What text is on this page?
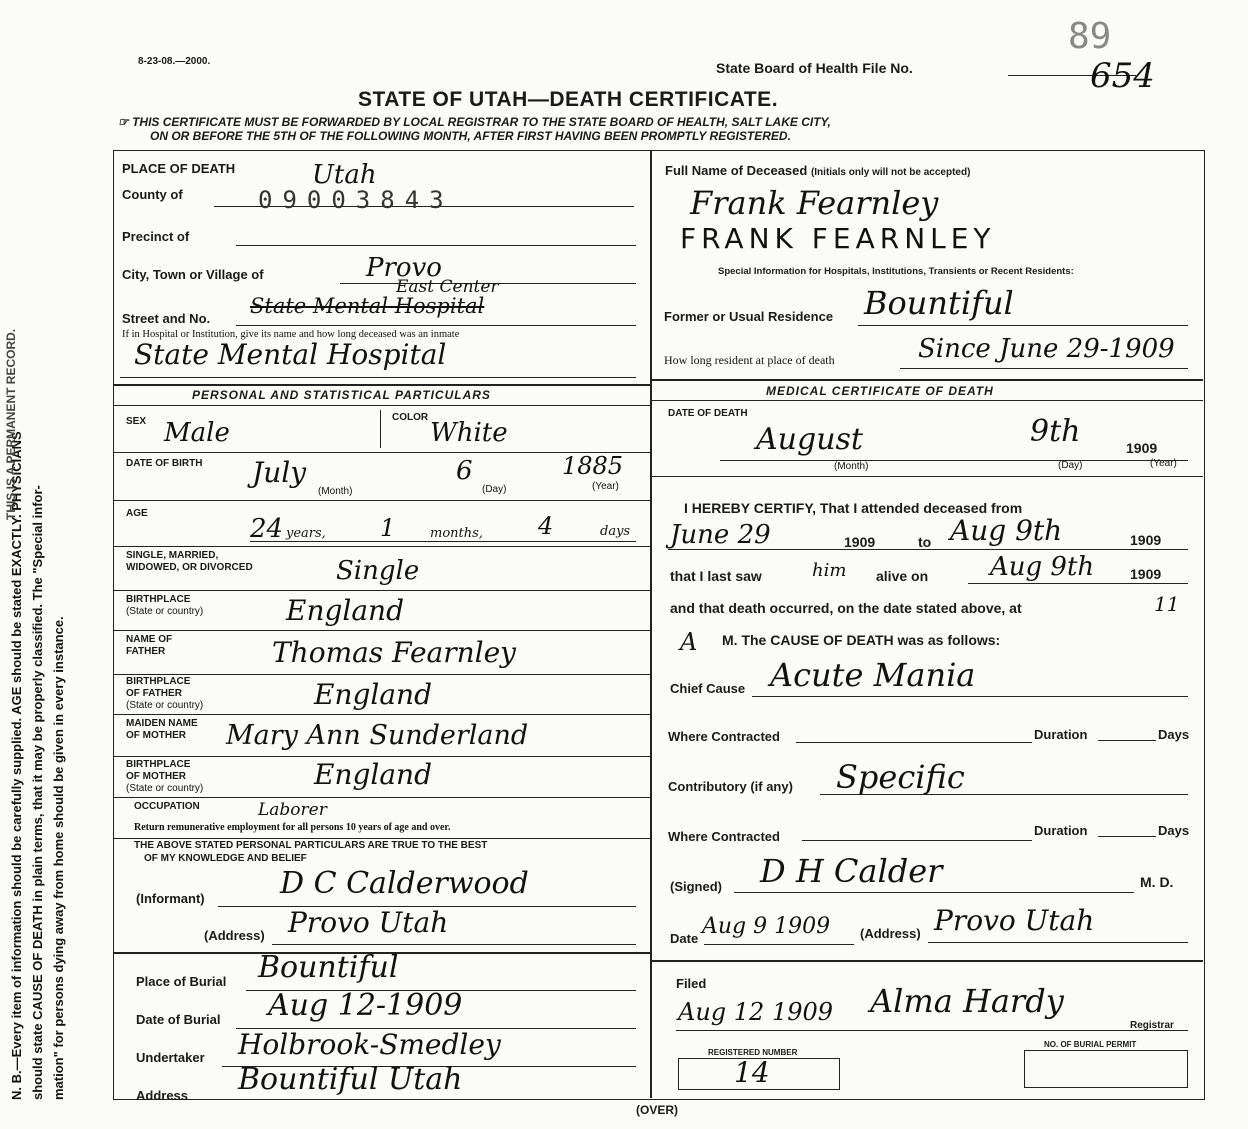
N. B.—Every item of information should be carefully supplied. AGE should be stated EXACTLY. PHYSICIANS should state CAUSE OF DEATH in plain terms, that it may be properly classified. The "Special infor- mation" for persons dying away from home should be given in every instance.
THIS IS A PERMANENT RECORD.
8-23-08.—2000.
89
State Board of Health File No.	654
STATE OF UTAH—DEATH CERTIFICATE.
☞ THIS CERTIFICATE MUST BE FORWARDED BY LOCAL REGISTRAR TO THE STATE BOARD OF HEALTH, SALT LAKE CITY,
ON OR BEFORE THE 5TH OF THE FOLLOWING MONTH, AFTER FIRST HAVING BEEN PROMPTLY REGISTERED.
PLACE OF DEATH
County of
Utah
09003843
Precinct of
City, Town or Village of	Provo
Street and No.
East Center
State Mental Hospital
If in Hospital or Institution, give its name and how long deceased was an inmate
State Mental Hospital
PERSONAL AND STATISTICAL PARTICULARS
SEX Male
COLOR
White
DATE OF BIRTH July	6	1885
(Month)	(Day)	(Year)
AGE
24 years, 1	months, 4	days
SINGLE, MARRIED,
WIDOWED, OR DIVORCED	Single
BIRTHPLACE
(State or country)	England
NAME OF
FATHER	Thomas Fearnley
BIRTHPLACE
OF FATHER
(State or country)	England
MAIDEN NAME
OF MOTHER Mary Ann Sunderland
BIRTHPLACE
OF MOTHER
(State or country)	England
OCCUPATION	Laborer
Return remunerative employment for all persons 10 years of age and over.
THE ABOVE STATED PERSONAL PARTICULARS ARE TRUE TO THE BEST
OF MY KNOWLEDGE AND BELIEF
(Informant)	D C Calderwood
(Address) Provo Utah
Place of Burial Bountiful
Date of Burial Aug 12-1909
Undertaker Holbrook-Smedley
Address Bountiful Utah
Full Name of Deceased (Initials only will not be accepted)
Frank Fearnley
FRANK FEARNLEY
Special Information for Hospitals, Institutions, Transients or Recent Residents:
Former or Usual Residence Bountiful
How long resident at place of death	Since June 29-1909
MEDICAL CERTIFICATE OF DEATH
DATE OF DEATH
August	9th	1909
(Month)	(Day)	(Year)
I HEREBY CERTIFY, That I attended deceased from
June 29	1909	to Aug 9th	1909
that I last saw	him alive on Aug 9th	1909
and that death occurred, on the date stated above, at	11
A M. The CAUSE OF DEATH was as follows:
Chief Cause Acute Mania
Where Contracted	Duration	Days
Contributory (if any) Specific
Where Contracted	Duration	Days
(Signed) D H Calder	M. D.
Date Aug 9 1909 (Address) Provo Utah
Filed
Aug 12 1909 Alma Hardy
Registrar
REGISTERED NUMBER
14
NO. OF BURIAL PERMIT
(OVER)
